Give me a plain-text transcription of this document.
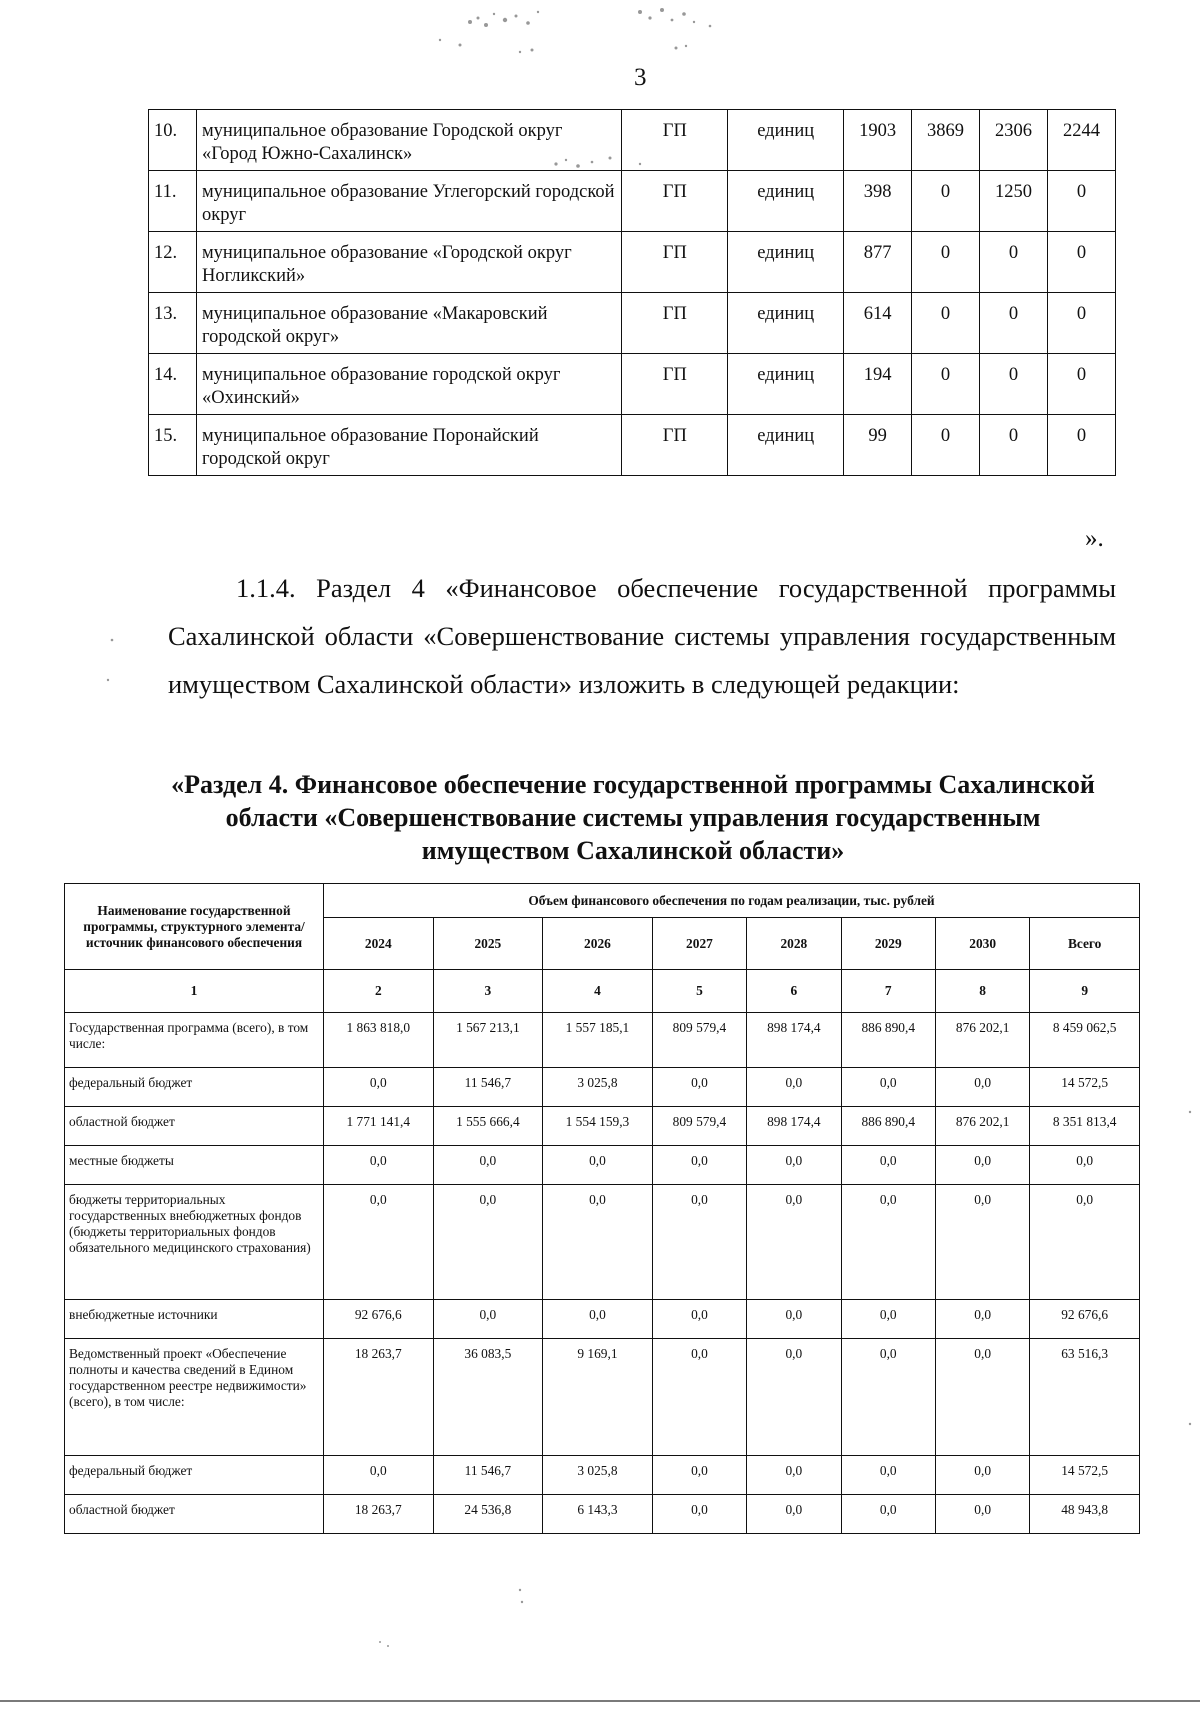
3
10.	муниципальное образование Городской округ «Город Южно-Сахалинск»	ГП	единиц	1903	3869	2306	2244
11.	муниципальное образование Углегорский городской округ	ГП	единиц	398	0	1250	0
12.	муниципальное образование «Городской округ Ногликский»	ГП	единиц	877	0	0	0
13.	муниципальное образование «Макаровский городской округ»	ГП	единиц	614	0	0	0
14.	муниципальное образование городской округ «Охинский»	ГП	единиц	194	0	0	0
15.	муниципальное образование Поронайский городской округ	ГП	единиц	99	0	0	0
».

1.1.4. Раздел 4 «Финансовое обеспечение государственной программы Сахалинской области «Совершенствование системы управления государственным имуществом Сахалинской области» изложить в следующей редакции:

«Раздел 4. Финансовое обеспечение государственной программы Сахалинской области «Совершенствование системы управления государственным имуществом Сахалинской области»
Наименование государственной программы, структурного элемента/источник финансового обеспечения	Объем финансового обеспечения по годам реализации, тыс. рублей							
	2024	2025	2026	2027	2028	2029	2030	Всего
1	2	3	4	5	6	7	8	9
Государственная программа (всего), в том числе:	1 863 818,0	1 567 213,1	1 557 185,1	809 579,4	898 174,4	886 890,4	876 202,1	8 459 062,5
федеральный бюджет	0,0	11 546,7	3 025,8	0,0	0,0	0,0	0,0	14 572,5
областной бюджет	1 771 141,4	1 555 666,4	1 554 159,3	809 579,4	898 174,4	886 890,4	876 202,1	8 351 813,4
местные бюджеты	0,0	0,0	0,0	0,0	0,0	0,0	0,0	0,0
бюджеты территориальных государственных внебюджетных фондов (бюджеты территориальных фондов обязательного медицинского страхования)	0,0	0,0	0,0	0,0	0,0	0,0	0,0	0,0
внебюджетные источники	92 676,6	0,0	0,0	0,0	0,0	0,0	0,0	92 676,6
Ведомственный проект «Обеспечение полноты и качества сведений в Едином государственном реестре недвижимости» (всего), в том числе:	18 263,7	36 083,5	9 169,1	0,0	0,0	0,0	0,0	63 516,3
федеральный бюджет	0,0	11 546,7	3 025,8	0,0	0,0	0,0	0,0	14 572,5
областной бюджет	18 263,7	24 536,8	6 143,3	0,0	0,0	0,0	0,0	48 943,8
